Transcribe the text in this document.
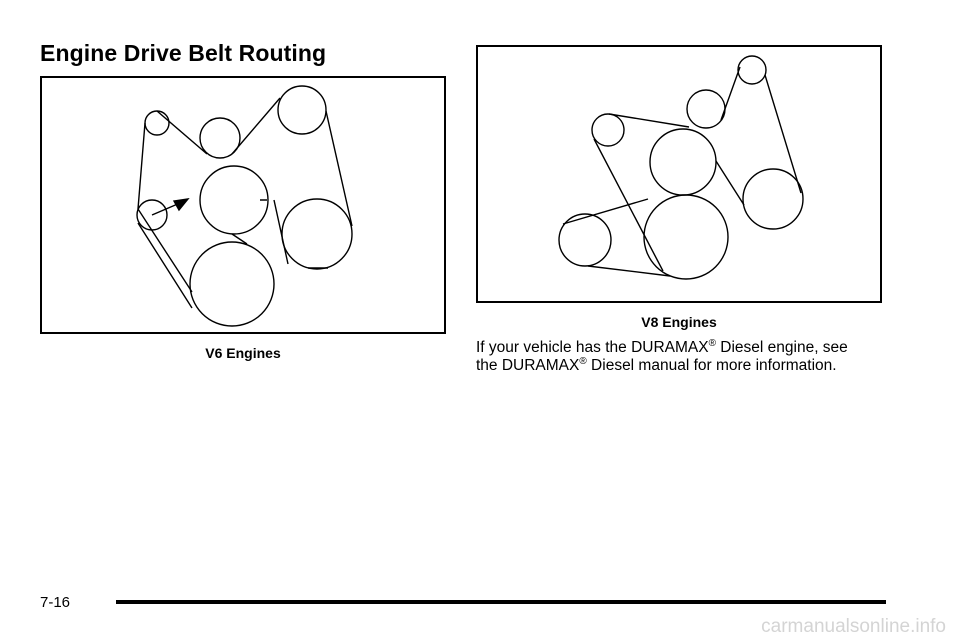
Engine Drive Belt Routing
V6 Engines
V8 Engines

If your vehicle has the DURAMAX® Diesel engine, see
the DURAMAX® Diesel manual for more information.

7-16
carmanualsonline.info
